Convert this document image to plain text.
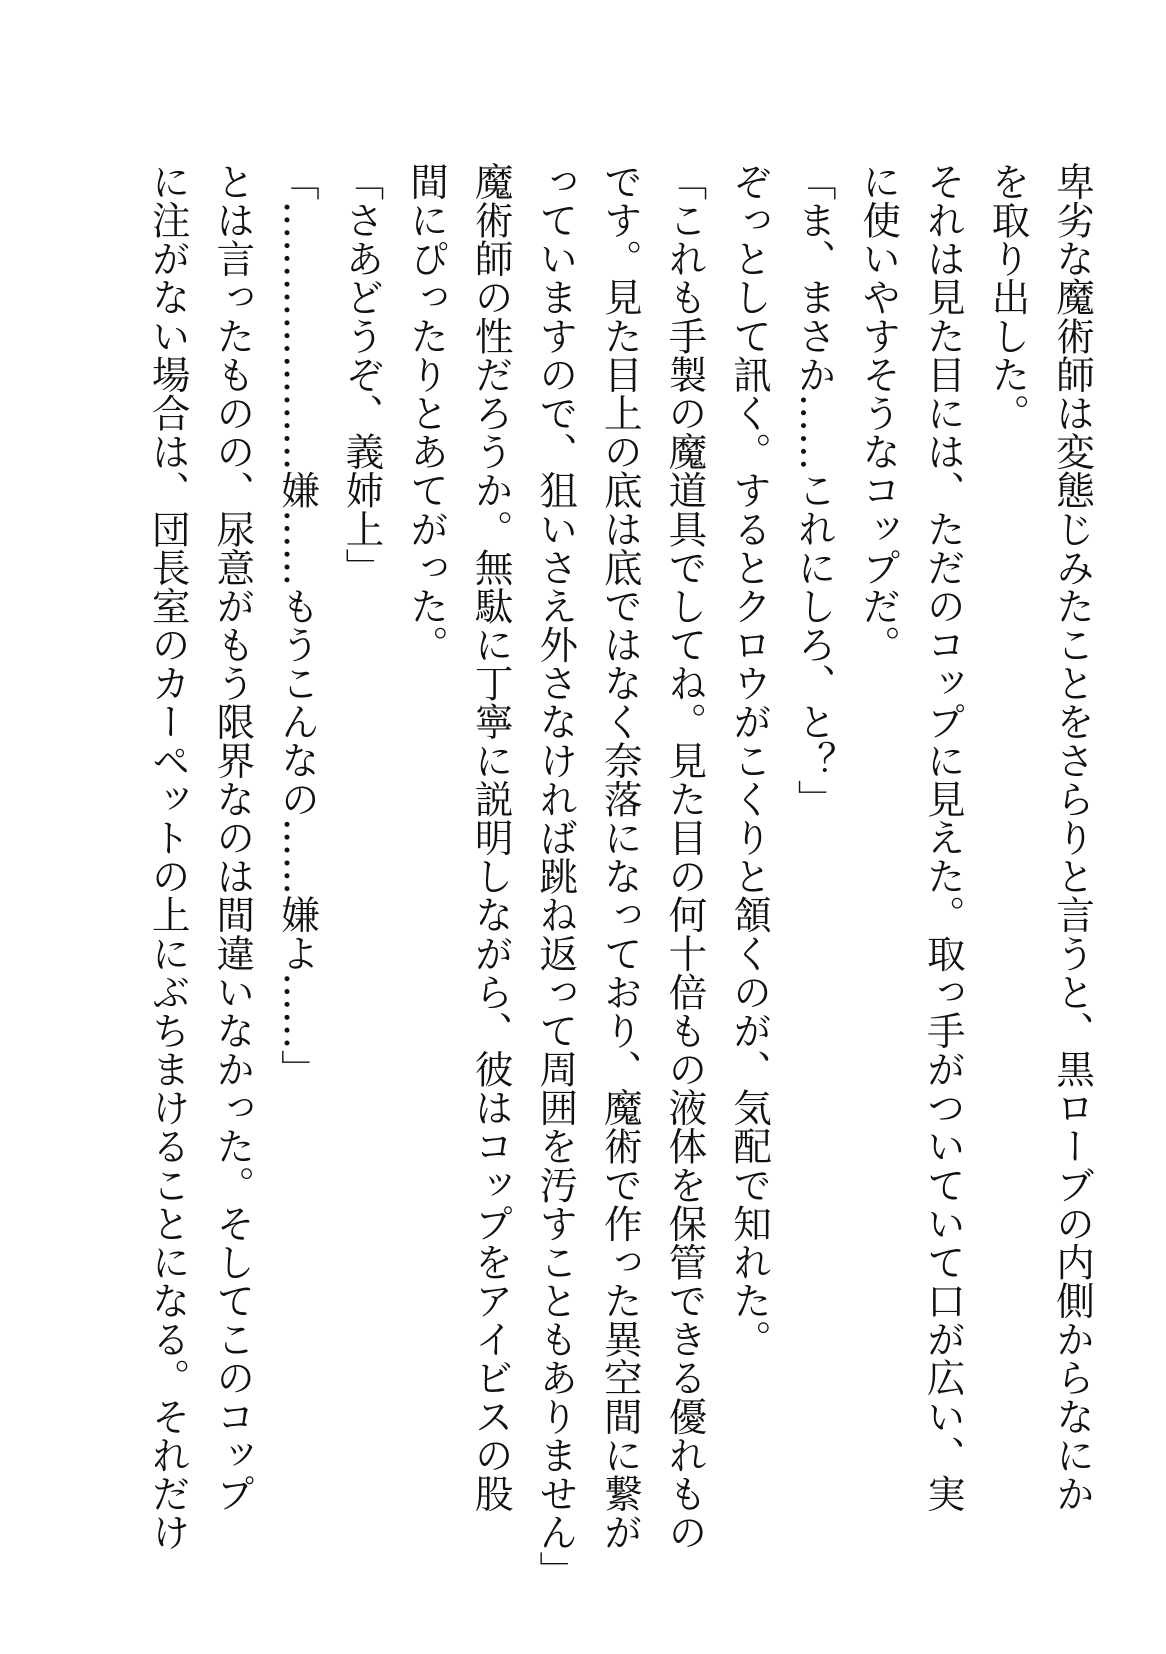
卑劣な魔術師は変態じみたことをさらりと言うと、黒ローブの内側からなにか
を取り出した。
それは見た目には、ただのコップに見えた。取っ手がついていて口が広い、実
に使いやすそうなコップだ。
「ま、まさか……これにしろ、と？」
ぞっとして訊く。するとクロウがこくりと頷くのが、気配で知れた。
「これも手製の魔道具でしてね。見た目の何十倍もの液体を保管できる優れもの
です。見た目上の底は底ではなく奈落になっており、魔術で作った異空間に繋が
っていますので、狙いさえ外さなければ跳ね返って周囲を汚すこともありません」
魔術師の性だろうか。無駄に丁寧に説明しながら、彼はコップをアイビスの股
間にぴったりとあてがった。
「さあどうぞ、義姉上」
「…………………嫌……もうこんなの……嫌よ……」
とは言ったものの、尿意がもう限界なのは間違いなかった。そしてこのコップ
に注がない場合は、団長室のカーペットの上にぶちまけることになる。それだけ
